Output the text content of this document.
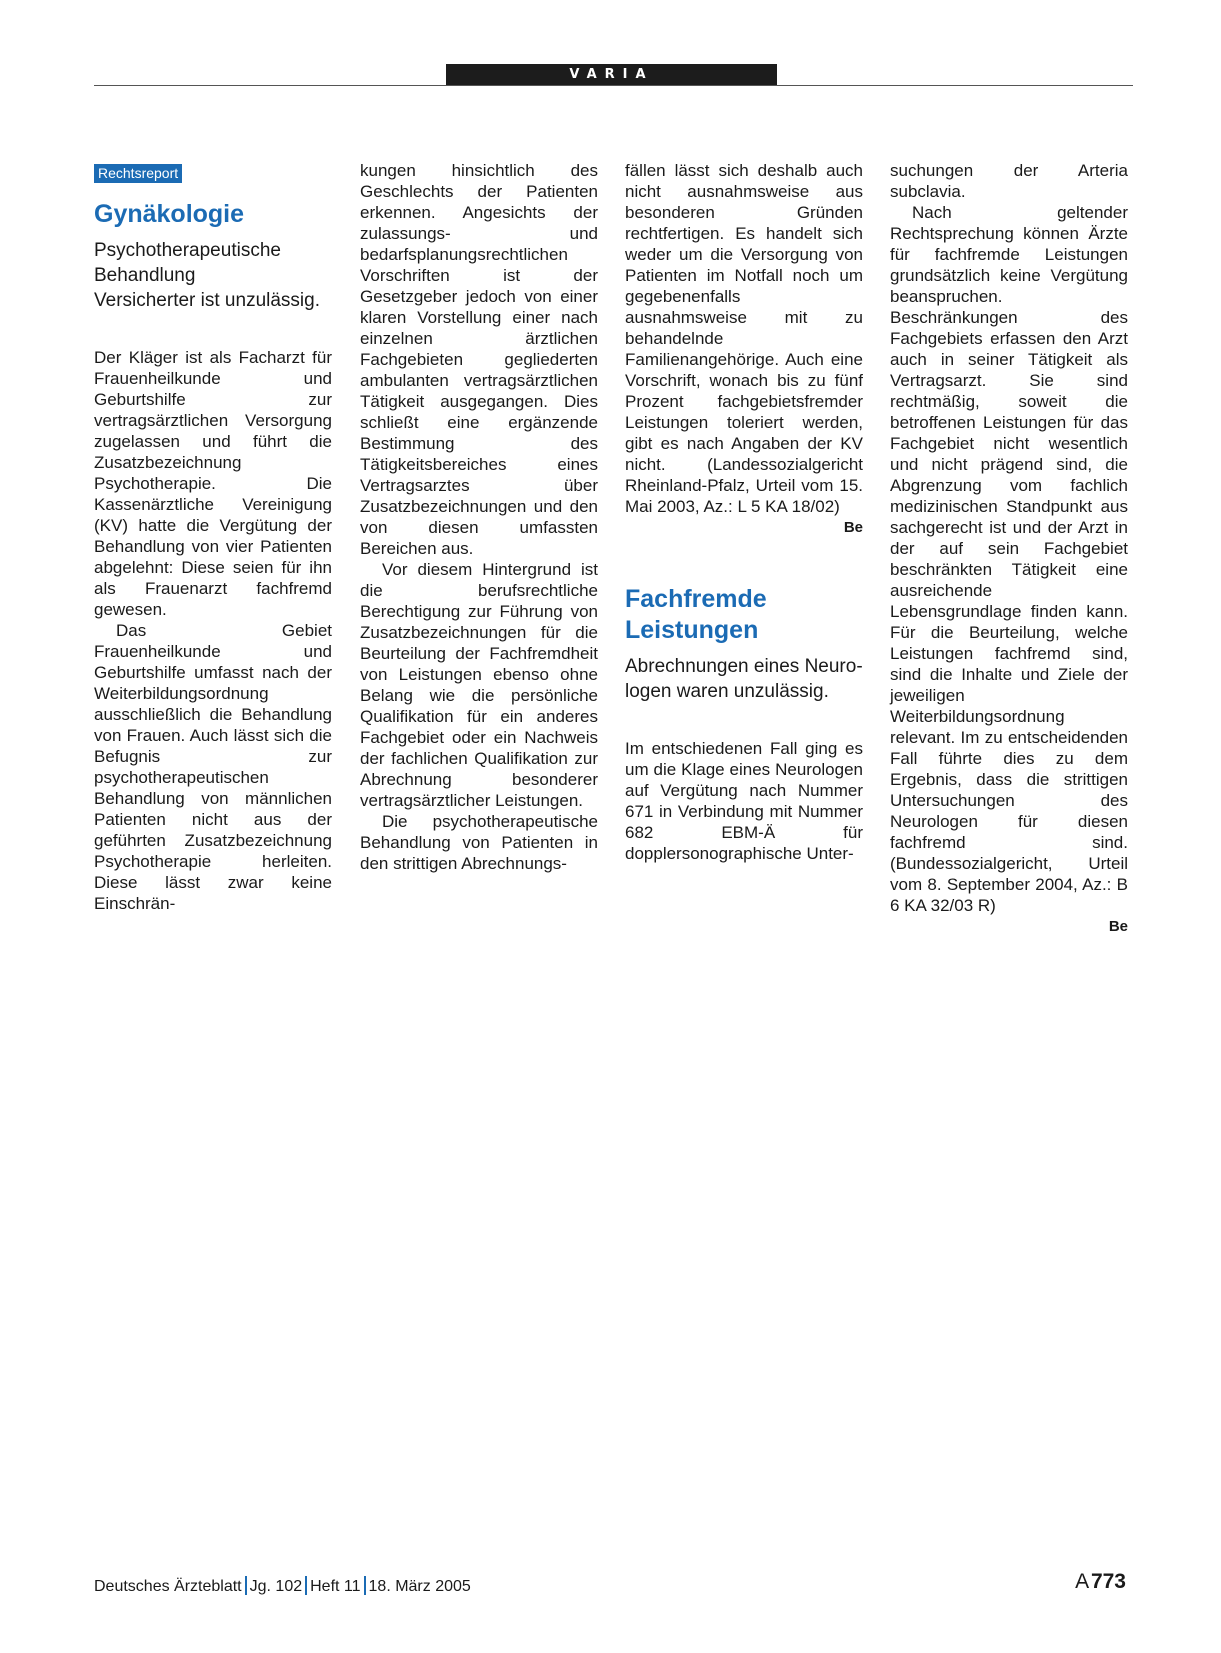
VARIA
Rechtsreport
Gynäkologie
Psychotherapeutische
Behandlung
Versicherter ist unzulässig.

Der Kläger ist als Facharzt für Frauenheilkunde und Geburtshilfe zur vertragsärztlichen Versorgung zugelassen und führt die Zusatzbezeichnung Psychotherapie. Die Kassenärztliche Vereinigung (KV) hatte die Vergütung der Behandlung von vier Patienten abgelehnt: Diese seien für ihn als Frauenarzt fachfremd gewesen.

Das Gebiet Frauenheilkunde und Geburtshilfe umfasst nach der Weiterbildungsordnung ausschließlich die Behandlung von Frauen. Auch lässt sich die Befugnis zur psychotherapeutischen Behandlung von männlichen Patienten nicht aus der geführten Zusatzbezeichnung Psychotherapie herleiten. Diese lässt zwar keine Einschrän-

kungen hinsichtlich des Geschlechts der Patienten erkennen. Angesichts der zulassungs- und bedarfsplanungsrechtlichen Vorschriften ist der Gesetzgeber jedoch von einer klaren Vorstellung einer nach einzelnen ärztlichen Fachgebieten gegliederten ambulanten vertragsärztlichen Tätigkeit ausgegangen. Dies schließt eine ergänzende Bestimmung des Tätigkeitsbereiches eines Vertragsarztes über Zusatzbezeichnungen und den von diesen umfassten Bereichen aus.

Vor diesem Hintergrund ist die berufsrechtliche Berechtigung zur Führung von Zusatzbezeichnungen für die Beurteilung der Fachfremdheit von Leistungen ebenso ohne Belang wie die persönliche Qualifikation für ein anderes Fachgebiet oder ein Nachweis der fachlichen Qualifikation zur Abrechnung besonderer vertragsärztlicher Leistungen.

Die psychotherapeutische Behandlung von Patienten in den strittigen Abrechnungs-

fällen lässt sich deshalb auch nicht ausnahmsweise aus besonderen Gründen rechtfertigen. Es handelt sich weder um die Versorgung von Patienten im Notfall noch um gegebenenfalls ausnahmsweise mit zu behandelnde Familienangehörige. Auch eine Vorschrift, wonach bis zu fünf Prozent fachgebietsfremder Leistungen toleriert werden, gibt es nach Angaben der KV nicht. (Landessozialgericht Rheinland-Pfalz, Urteil vom 15. Mai 2003, Az.: L 5 KA 18/02)

Be
Fachfremde
Leistungen
Abrechnungen eines Neuro-
logen waren unzulässig.

Im entschiedenen Fall ging es um die Klage eines Neurologen auf Vergütung nach Nummer 671 in Verbindung mit Nummer 682 EBM-Ä für dopplersonographische Unter-

suchungen der Arteria subclavia.

Nach geltender Rechtsprechung können Ärzte für fachfremde Leistungen grundsätzlich keine Vergütung beanspruchen. Beschränkungen des Fachgebiets erfassen den Arzt auch in seiner Tätigkeit als Vertragsarzt. Sie sind rechtmäßig, soweit die betroffenen Leistungen für das Fachgebiet nicht wesentlich und nicht prägend sind, die Abgrenzung vom fachlich medizinischen Standpunkt aus sachgerecht ist und der Arzt in der auf sein Fachgebiet beschränkten Tätigkeit eine ausreichende Lebensgrundlage finden kann. Für die Beurteilung, welche Leistungen fachfremd sind, sind die Inhalte und Ziele der jeweiligen Weiterbildungsordnung relevant. Im zu entscheidenden Fall führte dies zu dem Ergebnis, dass die strittigen Untersuchungen des Neurologen für diesen fachfremd sind. (Bundessozialgericht, Urteil vom 8. September 2004, Az.: B 6 KA 32/03 R)

Be
Deutsches Ärzteblatt Jg. 102 Heft 11 18. März 2005	A 773
